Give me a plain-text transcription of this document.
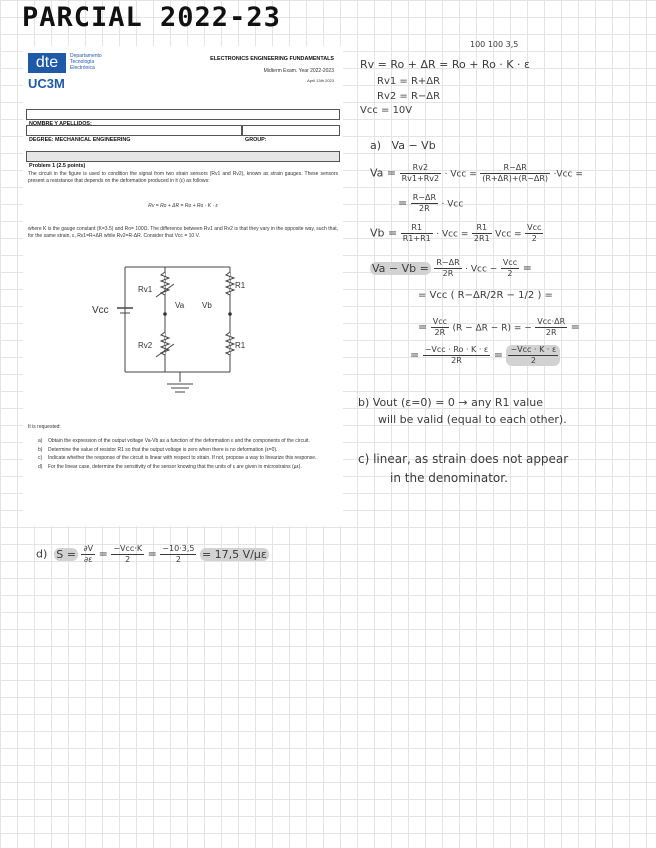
PARCIAL 2022-23
dte	Departamento
Tecnología
Electrónica
UC3M
ELECTRONICS ENGINEERING FUNDAMENTALS
Midterm Exam. Year 2022-2023
April 13th 2023
NOMBRE Y APELLIDOS:
DEGREE: MECHANICAL ENGINEERING	GROUP:
Problem 1 (2.5 points)
The circuit in the figure is used to condition the signal from two strain sensors (Rv1 and Rv2), known as strain gauges. These sensors present a resistance that depends on the deformation produced in it (ε) as follows:
Rv = Ro + ΔR = Ro + Ro · K · ε
where K is the gauge constant (K=3.5) and Ro= 100Ω. The difference between Rv1 and Rv2 is that they vary in the opposite way, such that, for the same strain, ε, Rv1=R+ΔR while Rv2=R-ΔR. Consider that Vcc = 10 V.
Vcc
Rv1
Rv2
R1
R1
Va Vb
It is requested:
a)	Obtain the expression of the output voltage Va-Vb as a function of the deformation ε and the components of the circuit.
b)	Determine the value of resistor R1 so that the output voltage is zero when there is no deformation (ε=0).
c)	Indicate whether the response of the circuit is linear with respect to strain. If not, propose a way to linearize this response.
d)	For the linear case, determine the sensitivity of the sensor knowing that the units of ε are given in microstrains (µε).
100 100 3,5
Rv = Ro + ΔR = Ro + Ro · K · ε
Rv1 = R+ΔR
Rv2 = R−ΔR
Vcc = 10V
a) Va − Vb
$Va = \frac{Rv2}{Rv1+Rv2}$ · Vcc = $\frac{R-\Delta R}{(R+\Delta R)+(R-\Delta R)} \cdot Vcc$ =
= $\frac{R-\Delta R}{2R}$ · Vcc
$Vb = \frac{R1}{R1+R1}$ · Vcc = $\frac{R1}{2R1}$ Vcc = $\frac{\text{Vcc}}{2}$
$Va - Vb = \frac{R-\Delta R}{2R}$ · Vcc − $\frac{\text{Vcc}}{2}$ =
= Vcc ( R−ΔR/2R − 1/2 ) =
= $\frac{\text{Vcc}}{2R} (R - \Delta R - R)$ = − $\frac{\text{Vcc·ΔR}}{2R}$ =
= $\frac{\text{−Vcc · Ro · K · ε}}{2R} = \frac{\text{−Vcc · K · ε}}{2}$
b) Vout (ε=0) = 0 → any R1 value
will be valid (equal to each other).
c) linear, as strain does not appear
in the denominator.
d) $S = \frac{\partial V}{\partial\varepsilon} = \frac{\text{−Vcc·K}}{2} = \frac{-10\cdot 3,5}{2} = 17,5$ V/µε
